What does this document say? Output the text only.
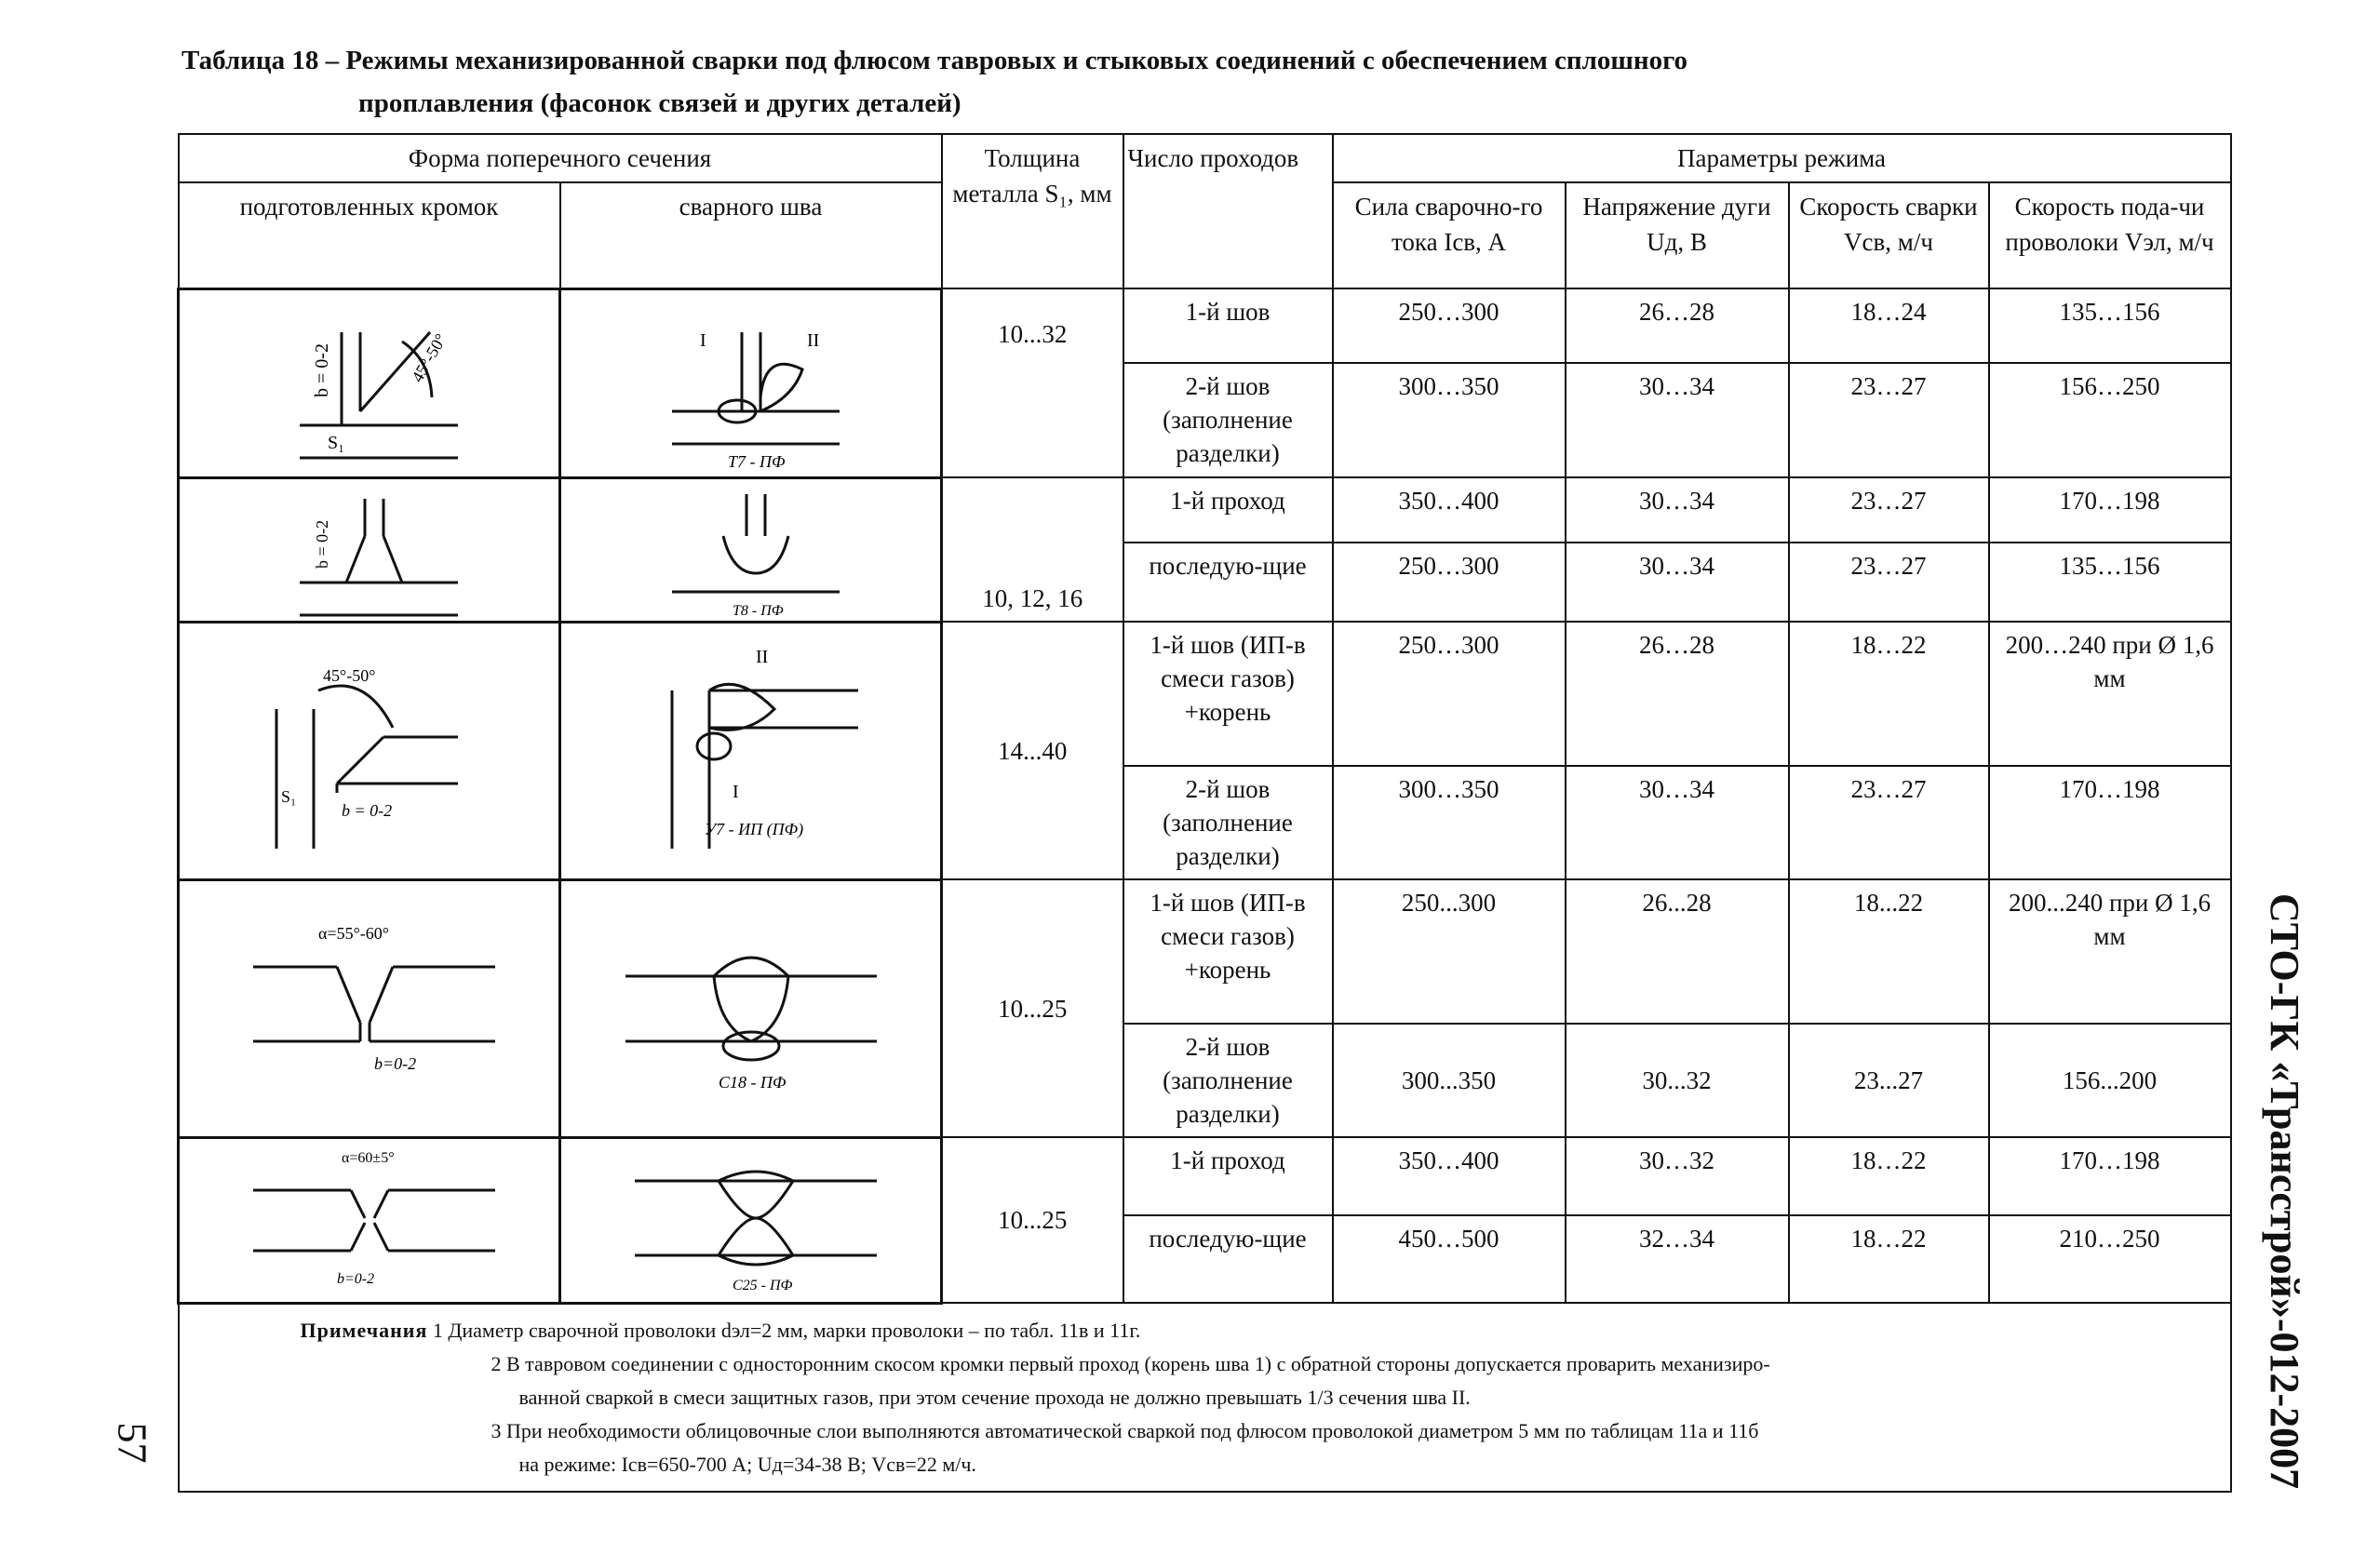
Таблица 18 – Режимы механизированной сварки под флюсом тавровых и стыковых соединений с обеспечением сплошного
проплавления (фасонок связей и других деталей)
Форма поперечного сечения		Толщина металла S₁, мм	Число проходов	Параметры режима			
подготовленных кромок	сварного шва			Сила сварочно-го тока Iсв, А	Напряжение дуги Uд, В	Скорость сварки Vсв, м/ч	Скорость пода-чи проволоки Vэл, м/ч

b = 0-2 45°-50°
S₁	I II
Т7 - ПФ	10...32	1-й шов	250…300	26…28	18…24	135…156
			2-й шов (заполнение разделки)	300…350	30…34	23…27	156…250

b = 0-2	Т8 - ПФ	10, 12, 16	1-й проход	350…400	30…34	23…27	170…198
			последую-щие	250…300	30…34	23…27	135…156

45°-50°
b = 0-2
S₁	II
I
У7 - ИП (ПФ)	14...40	1-й шов (ИП-в смеси газов) +корень	250…300	26…28	18…22	200…240 при Ø 1,6 мм
			2-й шов (заполнение разделки)	300…350	30…34	23…27	170…198

α=55°-60°
b=0-2	С18 - ПФ	10...25	1-й шов (ИП-в смеси газов) +корень	250...300	26...28	18...22	200...240 при Ø 1,6 мм
			2-й шов (заполнение разделки)	300...350	30...32	23...27	156...200

α=60±5°
b=0-2	С25 - ПФ	10...25	1-й проход	350…400	30…32	18…22	170…198
			последую-щие	450…500	32…34	18…22	210…250

Примечания 1 Диаметр сварочной проволоки dэл=2 мм, марки проволоки – по табл. 11в и 11г.
2 В тавровом соединении с односторонним скосом кромки первый проход (корень шва 1) с обратной стороны допускается проварить механизиро-
ванной сваркой в смеси защитных газов, при этом сечение прохода не должно превышать 1/3 сечения шва II.
3 При необходимости облицовочные слои выполняются автоматической сваркой под флюсом проволокой диаметром 5 мм по таблицам 11а и 11б
на режиме: Iсв=650-700 А; Uд=34-38 В; Vсв=22 м/ч.								СТО-ГК «Трансстрой»-012-2007
57
